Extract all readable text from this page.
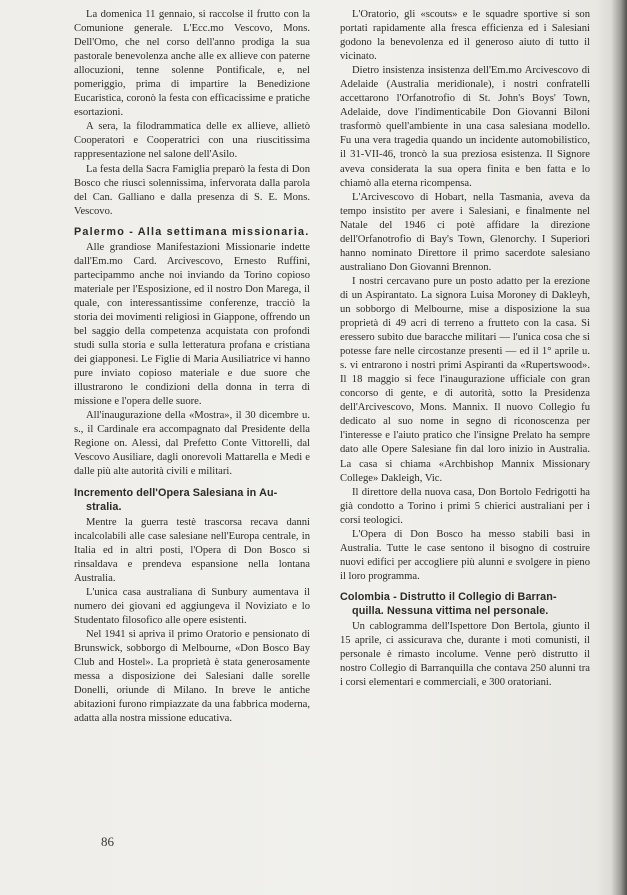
La domenica 11 gennaio, si raccolse il frutto con la Comunione generale. L'Ecc.mo Vescovo, Mons. Dell'Omo, che nel corso dell'anno prodiga la sua pastorale benevolenza anche alle ex allieve con paterne allocuzioni, tenne solenne Pontificale, e, nel pomeriggio, prima di impartire la Benedizione Eucaristica, coronò la festa con efficacissime e pratiche esortazioni.

A sera, la filodrammatica delle ex allieve, allietò Cooperatori e Cooperatrici con una riuscitissima rappresentazione nel salone dell'Asilo.

La festa della Sacra Famiglia preparò la festa di Don Bosco che riuscì solennissima, infervorata dalla parola del Can. Galliano e dalla presenza di S. E. Mons. Vescovo.

Palermo - Alla settimana missionaria.

Alle grandiose Manifestazioni Missionarie indette dall'Em.mo Card. Arcivescovo, Ernesto Ruffini, partecipammo anche noi inviando da Torino copioso materiale per l'Esposizione, ed il nostro Don Marega, il quale, con interessantissime conferenze, tracciò la storia dei movimenti religiosi in Giappone, offrendo un bel saggio della competenza acquistata con profondi studi sulla storia e sulla letteratura profana e cristiana dei giapponesi. Le Figlie di Maria Ausiliatrice vi hanno pure inviato copioso materiale e due suore che illustrarono le condizioni della donna in terra di missione e l'opera delle suore.

All'inaugurazione della «Mostra», il 30 dicembre u. s., il Cardinale era accompagnato dal Presidente della Regione on. Alessi, dal Prefetto Conte Vittorelli, dal Vescovo Ausiliare, dagli onorevoli Mattarella e Medi e dalle più alte autorità civili e militari.

Incremento dell'Opera Salesiana in Au-
stralia.

Mentre la guerra testè trascorsa recava danni incalcolabili alle case salesiane nell'Europa centrale, in Italia ed in altri posti, l'Opera di Don Bosco si rinsaldava e prendeva espansione nella lontana Australia.

L'unica casa australiana di Sunbury aumentava il numero dei giovani ed aggiungeva il Noviziato e lo Studentato filosofico alle opere esistenti.

Nel 1941 si apriva il primo Oratorio e pensionato di Brunswick, sobborgo di Melbourne, «Don Bosco Bay Club and Hostel». La proprietà è stata generosamente messa a disposizione dei Salesiani dalle sorelle Donelli, oriunde di Milano. In breve le antiche abitazioni furono rimpiazzate da una fabbrica moderna, adatta alla nostra missione educativa.

L'Oratorio, gli «scouts» e le squadre sportive si son portati rapidamente alla fresca efficienza ed i Salesiani godono la benevolenza ed il generoso aiuto di tutto il vicinato.

Dietro insistenza insistenza dell'Em.mo Arcivescovo di Adelaide (Australia meridionale), i nostri confratelli accettarono l'Orfanotrofio di St. John's Boys' Town, Adelaide, dove l'indimenticabile Don Giovanni Biloni trasformò quell'ambiente in una casa salesiana modello. Fu una vera tragedia quando un incidente automobilistico, il 31-VII-46, troncò la sua preziosa esistenza. Il Signore aveva considerata la sua opera finita e ben fatta e lo chiamò alla eterna ricompensa.

L'Arcivescovo di Hobart, nella Tasmania, aveva da tempo insistito per avere i Salesiani, e finalmente nel Natale del 1946 ci potè affidare la direzione dell'Orfanotrofio di Bay's Town, Glenorchy. I Superiori hanno nominato Direttore il primo sacerdote salesiano australiano Don Giovanni Brennon.

I nostri cercavano pure un posto adatto per la erezione di un Aspirantato. La signora Luisa Moroney di Dakleyh, un sobborgo di Melbourne, mise a disposizione la sua proprietà di 49 acri di terreno a frutteto con la casa. Si eressero subito due baracche militari — l'unica cosa che si potesse fare nelle circostanze presenti — ed il 1° aprile u. s. vi entrarono i nostri primi Aspiranti da «Rupertswood». Il 18 maggio si fece l'inaugurazione ufficiale con gran concorso di gente, e di autorità, sotto la Presidenza dell'Arcivescovo, Mons. Mannix. Il nuovo Collegio fu dedicato al suo nome in segno di riconoscenza per l'interesse e l'aiuto pratico che l'insigne Prelato ha sempre dato alle Opere Salesiane fin dal loro inizio in Australia. La casa si chiama «Archbishop Mannix Missionary College» Dakleigh, Vic.

Il direttore della nuova casa, Don Bortolo Fedrigotti ha già condotto a Torino i primi 5 chierici australiani per i corsi teologici.

L'Opera di Don Bosco ha messo stabili basi in Australia. Tutte le case sentono il bisogno di costruire nuovi edifici per accogliere più alunni e svolgere in pieno il loro programma.

Colombia - Distrutto il Collegio di Barran-
quilla. Nessuna vittima nel personale.

Un cablogramma dell'Ispettore Don Bertola, giunto il 15 aprile, ci assicurava che, durante i moti comunisti, il personale è rimasto incolume. Venne però distrutto il nostro Collegio di Barranquilla che contava 250 alunni tra i corsi elementari e commerciali, e 300 oratoriani.

86
